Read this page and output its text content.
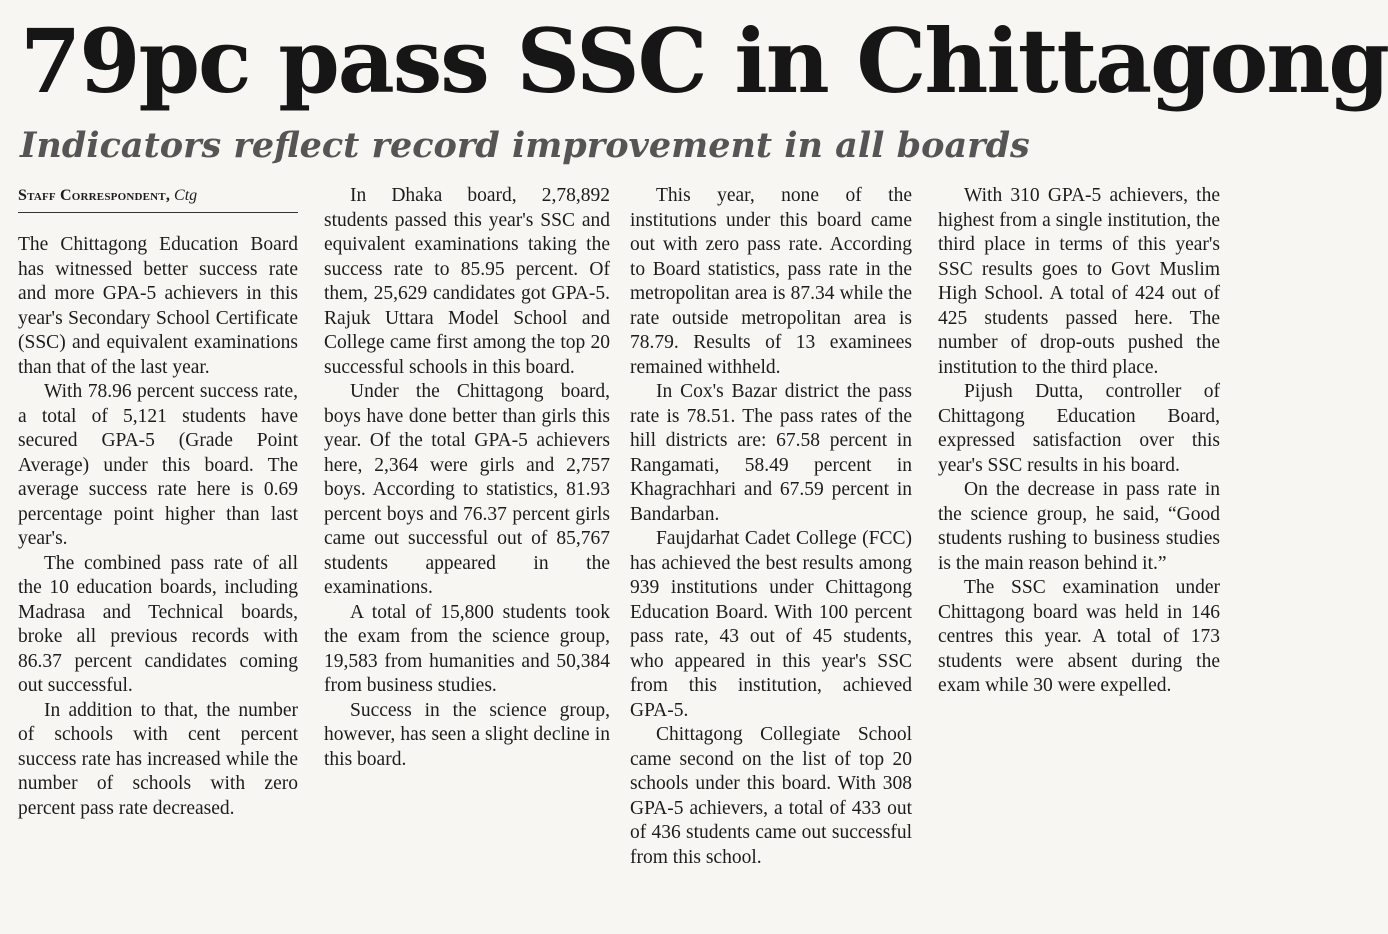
79pc pass SSC in Chittagong
Indicators reflect record improvement in all boards
Staff Correspondent, Ctg

The Chittagong Education Board has witnessed better success rate and more GPA-5 achievers in this year's Secondary School Certificate (SSC) and equivalent examinations than that of the last year.

With 78.96 percent success rate, a total of 5,121 students have secured GPA-5 (Grade Point Average) under this board. The average success rate here is 0.69 percentage point higher than last year's.

The combined pass rate of all the 10 education boards, including Madrasa and Technical boards, broke all previous records with 86.37 percent candidates coming out successful.

In addition to that, the number of schools with cent percent success rate has increased while the number of schools with zero percent pass rate decreased.

In Dhaka board, 2,78,892 students passed this year's SSC and equivalent examinations taking the success rate to 85.95 percent. Of them, 25,629 candidates got GPA-5. Rajuk Uttara Model School and College came first among the top 20 successful schools in this board.

Under the Chittagong board, boys have done better than girls this year. Of the total GPA-5 achievers here, 2,364 were girls and 2,757 boys. According to statistics, 81.93 percent boys and 76.37 percent girls came out successful out of 85,767 students appeared in the examinations.

A total of 15,800 students took the exam from the science group, 19,583 from humanities and 50,384 from business studies.

Success in the science group, however, has seen a slight decline in this board.

This year, none of the institutions under this board came out with zero pass rate. According to Board statistics, pass rate in the metropolitan area is 87.34 while the rate outside metropolitan area is 78.79. Results of 13 examinees remained withheld.

In Cox's Bazar district the pass rate is 78.51. The pass rates of the hill districts are: 67.58 percent in Rangamati, 58.49 percent in Khagrachhari and 67.59 percent in Bandarban.

Faujdarhat Cadet College (FCC) has achieved the best results among 939 institutions under Chittagong Education Board. With 100 percent pass rate, 43 out of 45 students, who appeared in this year's SSC from this institution, achieved GPA-5.

Chittagong Collegiate School came second on the list of top 20 schools under this board. With 308 GPA-5 achievers, a total of 433 out of 436 students came out successful from this school.

With 310 GPA-5 achievers, the highest from a single institution, the third place in terms of this year's SSC results goes to Govt Muslim High School. A total of 424 out of 425 students passed here. The number of drop-outs pushed the institution to the third place.

Pijush Dutta, controller of Chittagong Education Board, expressed satisfaction over this year's SSC results in his board.

On the decrease in pass rate in the science group, he said, “Good students rushing to business studies is the main reason behind it.”

The SSC examination under Chittagong board was held in 146 centres this year. A total of 173 students were absent during the exam while 30 were expelled.
